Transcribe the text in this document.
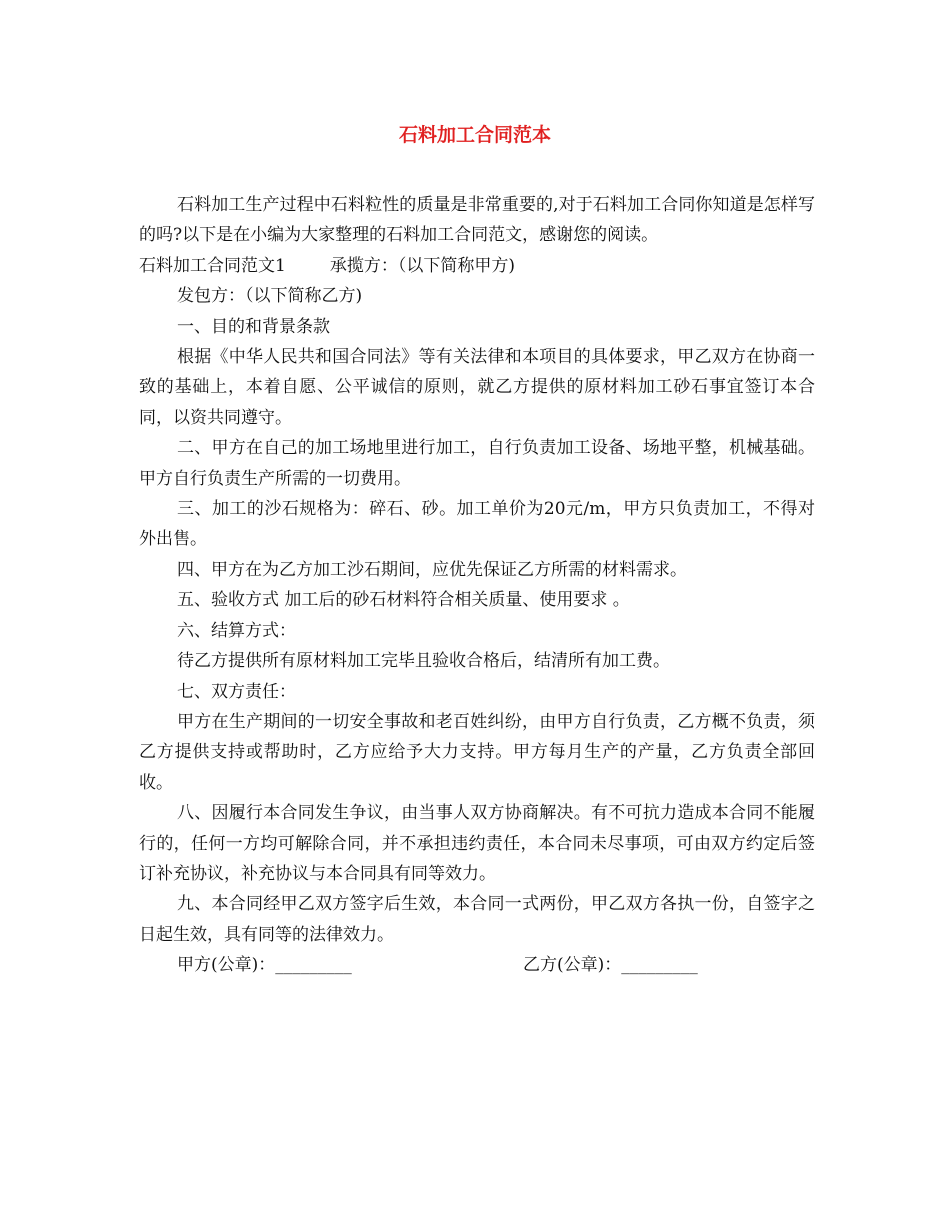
石料加工合同范本

石料加工生产过程中石料粒性的质量是非常重要的,对于石料加工合同你知道是怎样写的吗?以下是在小编为大家整理的石料加工合同范文，感谢您的阅读。

石料加工合同范文1	承揽方：（以下简称甲方)

发包方：（以下简称乙方)

一、目的和背景条款

根据《中华人民共和国合同法》等有关法律和本项目的具体要求，甲乙双方在协商一致的基础上，本着自愿、公平诚信的原则，就乙方提供的原材料加工砂石事宜签订本合同，以资共同遵守。

二、甲方在自己的加工场地里进行加工，自行负责加工设备、场地平整，机械基础。甲方自行负责生产所需的一切费用。

三、加工的沙石规格为：碎石、砂。加工单价为20元/m，甲方只负责加工，不得对外出售。

四、甲方在为乙方加工沙石期间，应优先保证乙方所需的材料需求。

五、验收方式 加工后的砂石材料符合相关质量、使用要求 。

六、结算方式：

待乙方提供所有原材料加工完毕且验收合格后，结清所有加工费。

七、双方责任：

甲方在生产期间的一切安全事故和老百姓纠纷，由甲方自行负责，乙方概不负责，须乙方提供支持或帮助时，乙方应给予大力支持。甲方每月生产的产量，乙方负责全部回收。

八、因履行本合同发生争议，由当事人双方协商解决。有不可抗力造成本合同不能履行的，任何一方均可解除合同，并不承担违约责任，本合同未尽事项，可由双方约定后签订补充协议，补充协议与本合同具有同等效力。

九、本合同经甲乙双方签字后生效，本合同一式两份，甲乙双方各执一份，自签字之日起生效，具有同等的法律效力。

甲方(公章)：_________	乙方(公章)：_________
